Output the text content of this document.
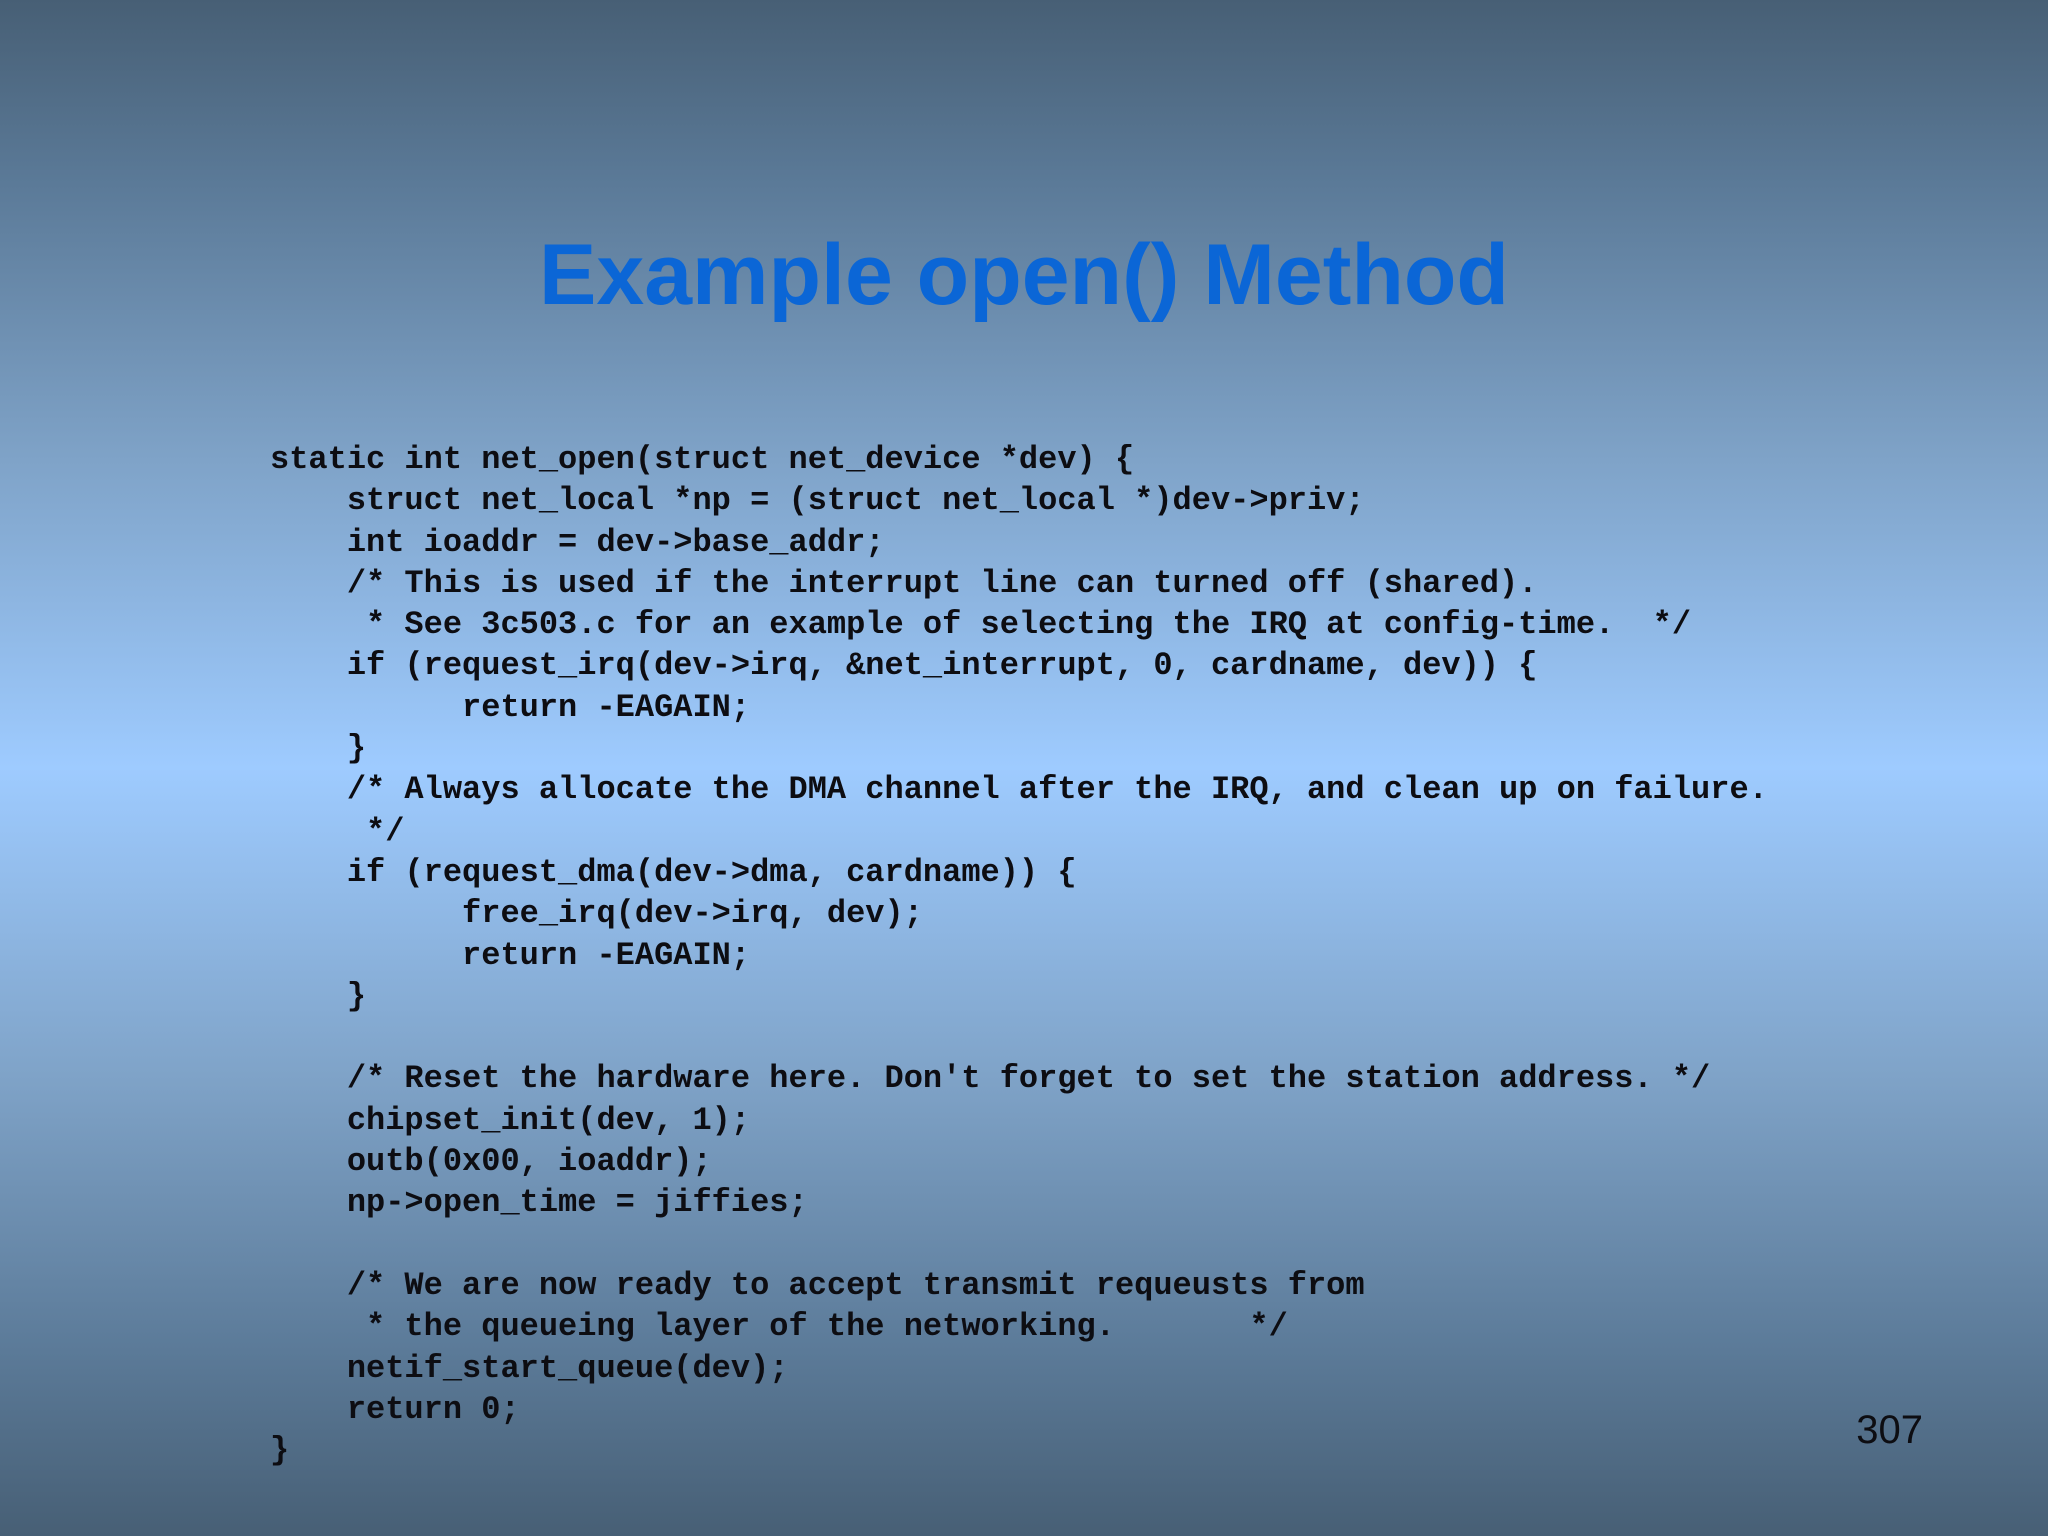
Example open() Method
static int net_open(struct net_device *dev) {
struct net_local *np = (struct net_local *)dev->priv;
int ioaddr = dev->base_addr;
/* This is used if the interrupt line can turned off (shared).
* See 3c503.c for an example of selecting the IRQ at config-time.  */
if (request_irq(dev->irq, &net_interrupt, 0, cardname, dev)) {
return -EAGAIN;
}
/* Always allocate the DMA channel after the IRQ, and clean up on failure.
*/
if (request_dma(dev->dma, cardname)) {
free_irq(dev->irq, dev);
return -EAGAIN;
}
/* Reset the hardware here. Don't forget to set the station address. */
chipset_init(dev, 1);
outb(0x00, ioaddr);
np->open_time = jiffies;
/* We are now ready to accept transmit requeusts from
* the queueing layer of the networking.       */
netif_start_queue(dev);
return 0;
}	307
